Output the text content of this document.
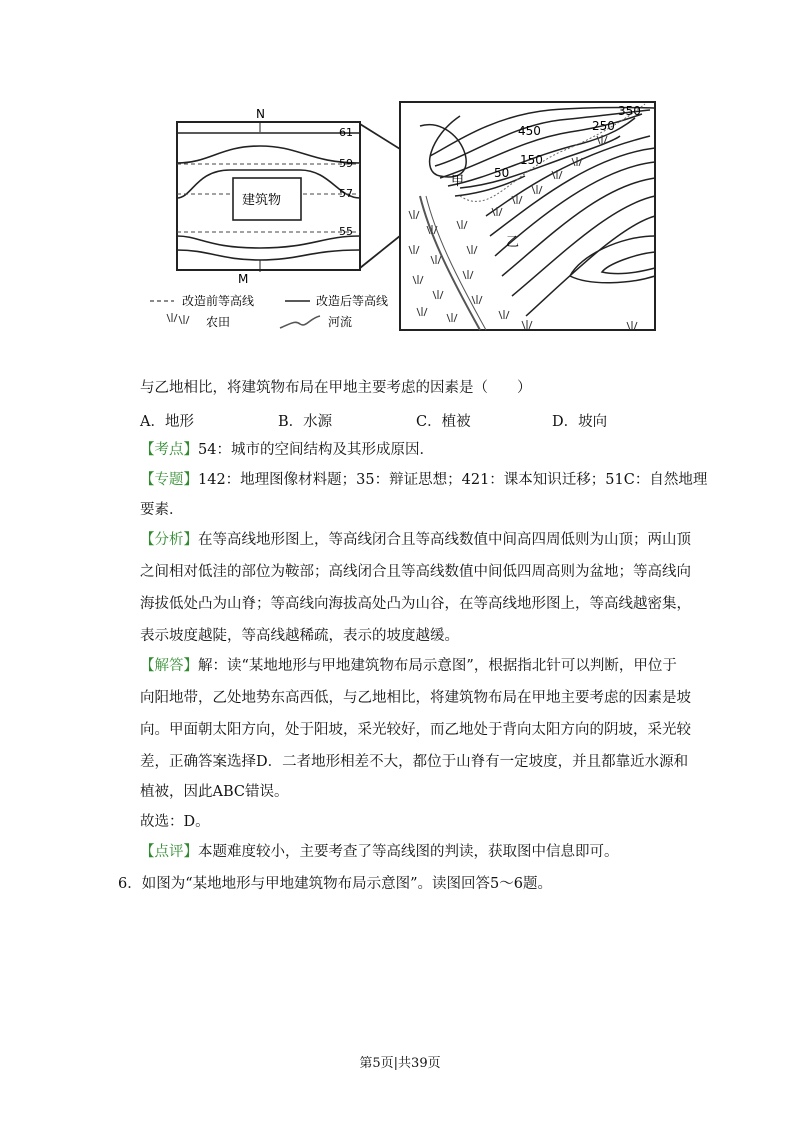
N
M
建筑物
61
59
57
55
350
250
450
150
50
甲
乙
改造前等高线	改造后等高线
农田	河流
与乙地相比，将建筑物布局在甲地主要考虑的因素是（　　）
A．地形	B．水源	C．植被	D．坡向
【考点】54：城市的空间结构及其形成原因．
【专题】142：地理图像材料题；35：辩证思想；421：课本知识迁移；51C：自然地理
要素．
【分析】在等高线地形图上，等高线闭合且等高线数值中间高四周低则为山顶；两山顶
之间相对低洼的部位为鞍部；高线闭合且等高线数值中间低四周高则为盆地；等高线向
海拔低处凸为山脊；等高线向海拔高处凸为山谷，在等高线地形图上，等高线越密集，
表示坡度越陡，等高线越稀疏，表示的坡度越缓。
【解答】解：读“某地地形与甲地建筑物布局示意图”，根据指北针可以判断，甲位于
向阳地带，乙处地势东高西低，与乙地相比，将建筑物布局在甲地主要考虑的因素是坡
向。甲面朝太阳方向，处于阳坡，采光较好，而乙地处于背向太阳方向的阴坡，采光较
差，正确答案选择D．二者地形相差不大，都位于山脊有一定坡度，并且都靠近水源和
植被，因此ABC错误。
故选：D。
【点评】本题难度较小，主要考查了等高线图的判读，获取图中信息即可。
6．如图为“某地地形与甲地建筑物布局示意图”。读图回答5～6题。
第5页|共39页
